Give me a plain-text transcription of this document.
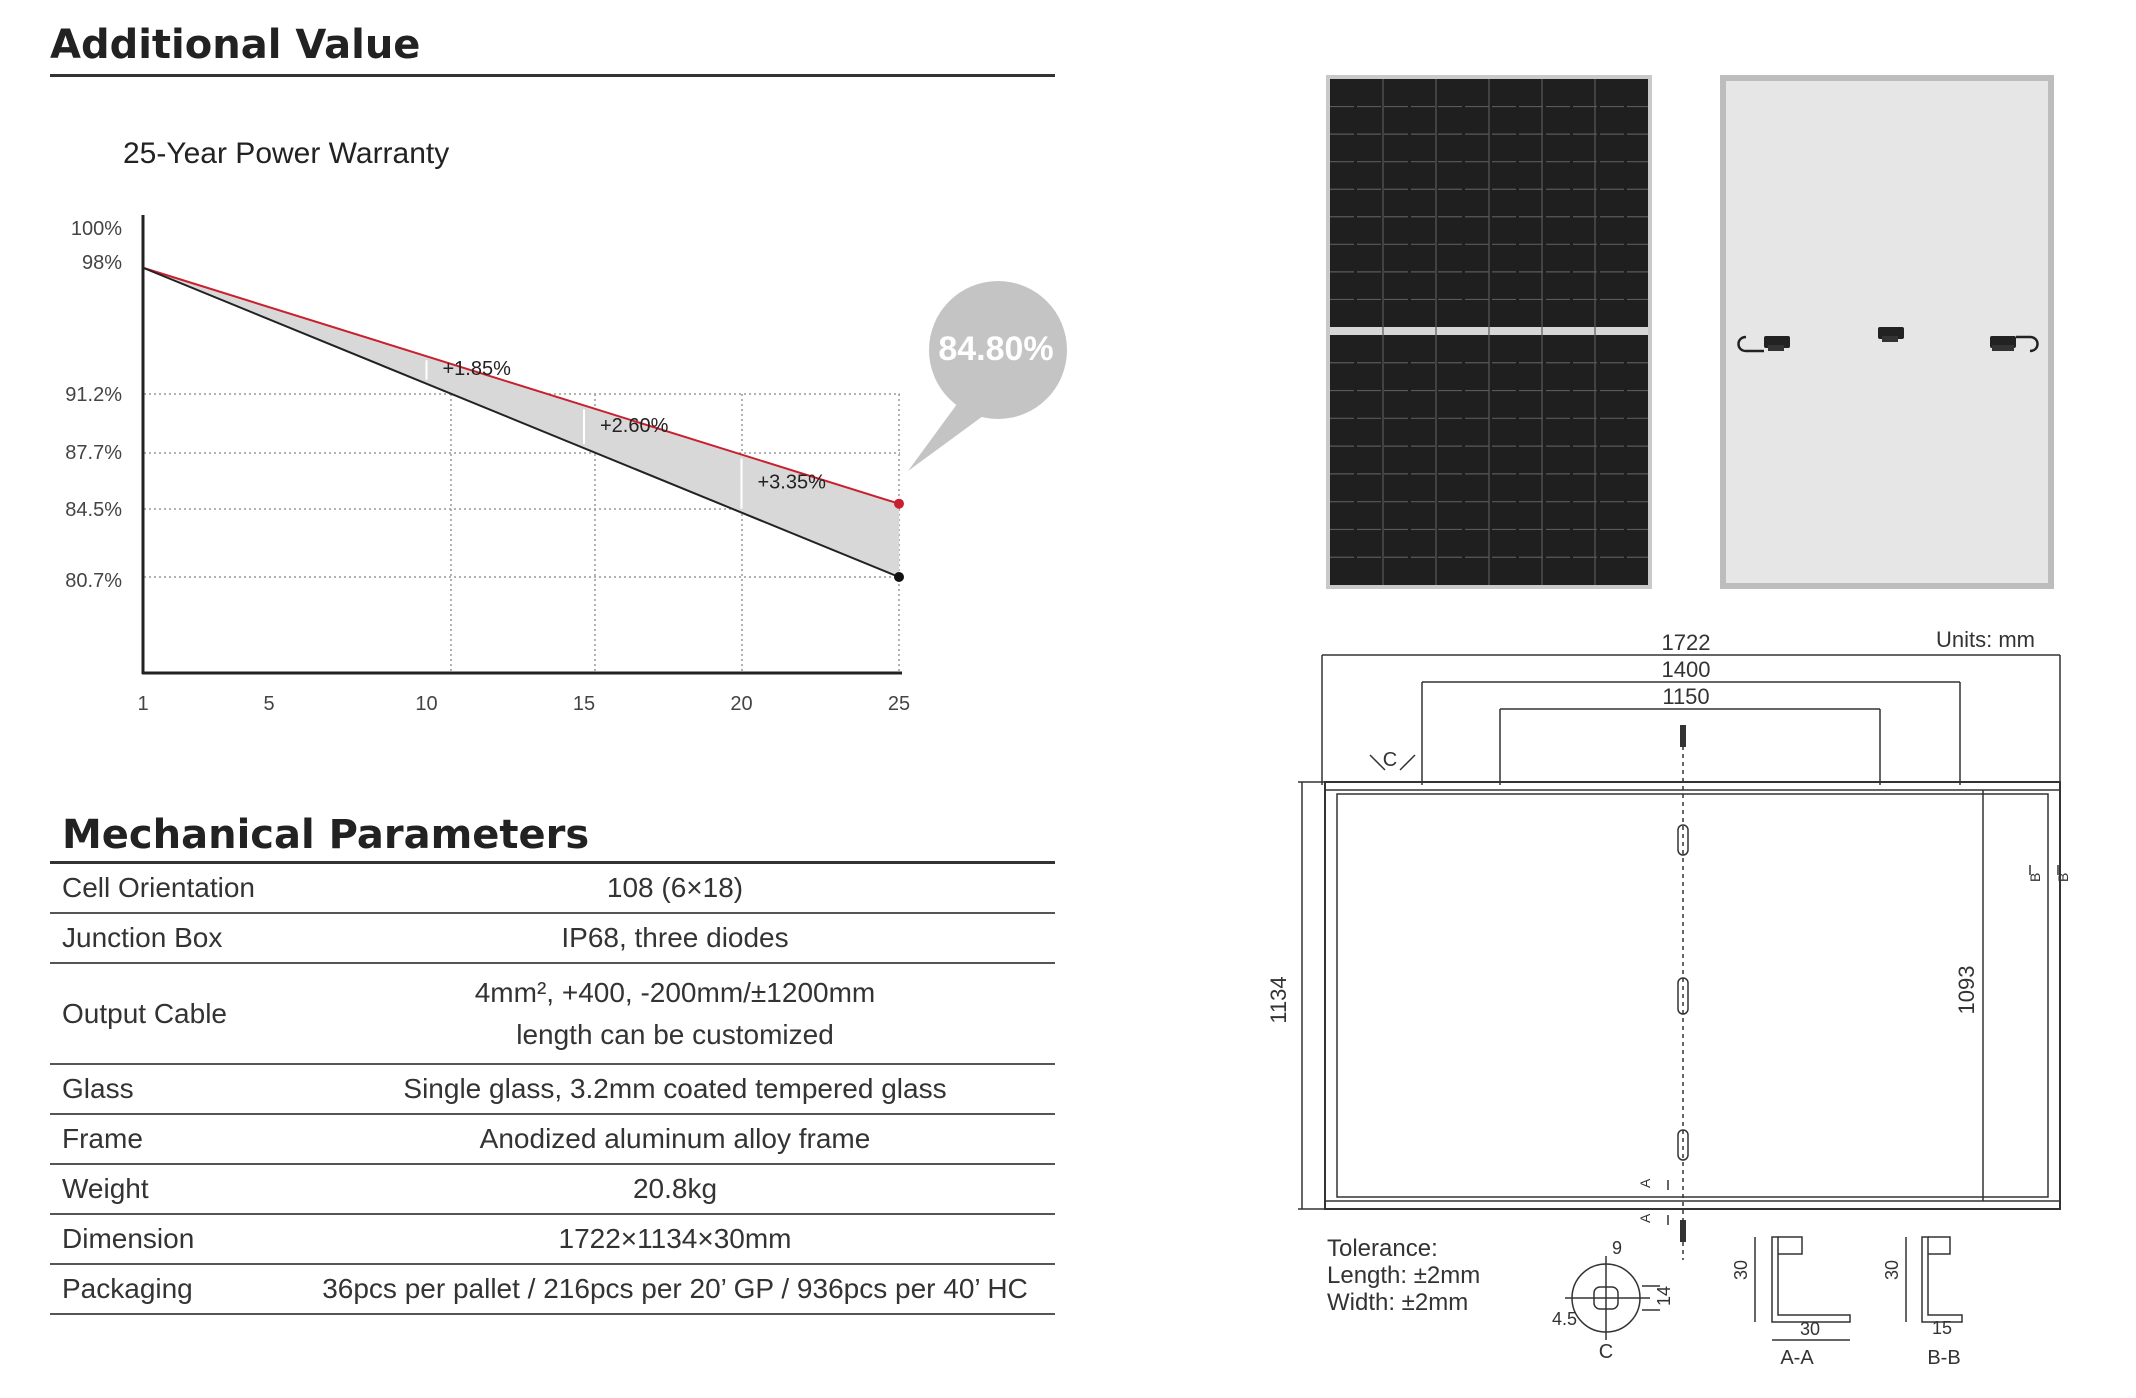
Additional Value
25-Year Power Warranty
100%
98%
91.2%
87.7%
84.5%
80.7%
+1.85%
+2.60%
+3.35%
84.80%
1	5	10	15	20	25
Mechanical Parameters
Cell Orientation	108 (6×18)
Junction Box	IP68, three diodes
Output Cable	4mm², +400, -200mm/±1200mm
length can be customized

Glass	Single glass, 3.2mm coated tempered glass
Frame	Anodized aluminum alloy frame
Weight	20.8kg
Dimension	1722×1134×30mm
Packaging	36pcs per pallet / 216pcs per 20’ GP / 936pcs per 40’ HC
Units: mm
1722
1400
1150
C
1134	1093
A
A
B B
9
14
4.5
C
30
30
A-A
30
15
B-B
Tolerance:
Length: ±2mm
Width: ±2mm
